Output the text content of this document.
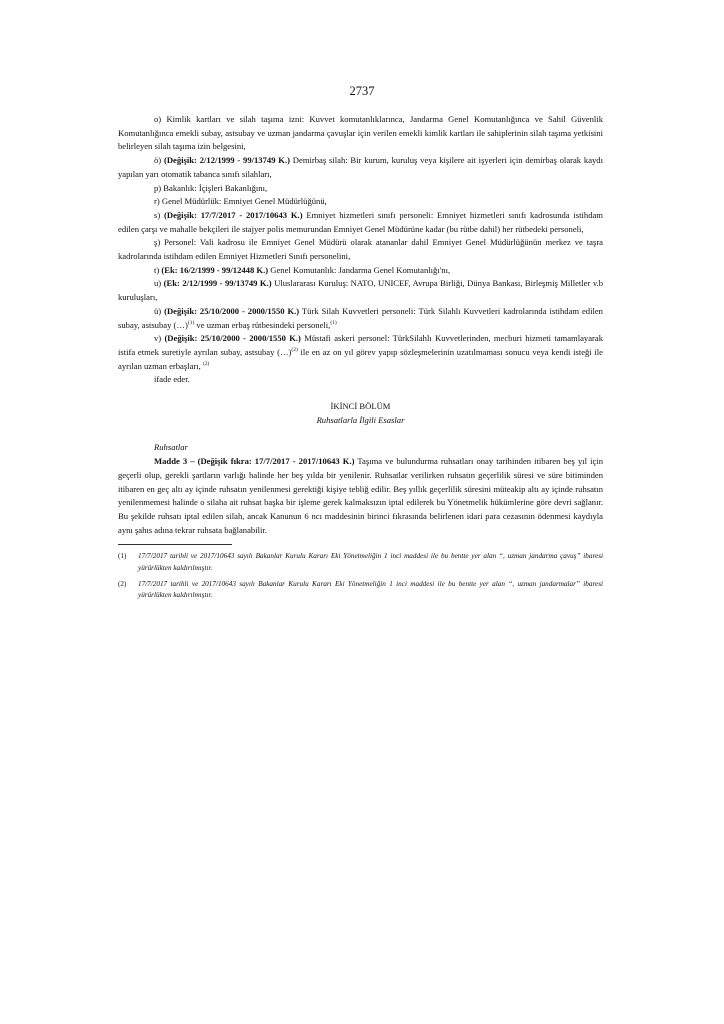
2737

o) Kimlik kartları ve silah taşıma izni: Kuvvet komutanlıklarınca, Jandarma Genel Komutanlığınca ve Sahil Güvenlik Komutanlığınca emekli subay, astsubay ve uzman jandarma çavuşlar için verilen emekli kimlik kartları ile sahiplerinin silah taşıma yetkisini belirleyen silah taşıma izin belgesini,

ö) (Değişik: 2/12/1999 - 99/13749 K.) Demirbaş silah: Bir kurum, kuruluş veya kişilere ait işyerleri için demirbaş olarak kaydı yapılan yarı otomatik tabanca sınıfı silahları,

p) Bakanlık: İçişleri Bakanlığını,

r) Genel Müdürlük: Emniyet Genel Müdürlüğünü,

s) (Değişik: 17/7/2017 - 2017/10643 K.) Emniyet hizmetleri sınıfı personeli: Emniyet hizmetleri sınıfı kadrosunda istihdam edilen çarşı ve mahalle bekçileri ile stajyer polis memurundan Emniyet Genel Müdürüne kadar (bu rütbe dahil) her rütbedeki personeli,

ş) Personel: Vali kadrosu ile Emniyet Genel Müdürü olarak atananlar dahil Emniyet Genel Müdürlüğünün merkez ve taşra kadrolarında istihdam edilen Emniyet Hizmetleri Sınıfı personelini,

t) (Ek: 16/2/1999 - 99/12448 K.) Genel Komutanlık: Jandarma Genel Komutanlığı'nı,

u) (Ek: 2/12/1999 - 99/13749 K.) Uluslararası Kuruluş: NATO, UNICEF, Avrupa Birliği, Dünya Bankası, Birleşmiş Milletler v.b kuruluşları,

ü) (Değişik: 25/10/2000 - 2000/1550 K.) Türk Silah Kuvvetleri personeli: Türk Silahlı Kuvvetleri kadrolarında istihdam edilen subay, astsubay (…)$^{(1)}$ ve uzman erbaş rütbesindeki personeli,$^{(1)}$

v) (Değişik: 25/10/2000 - 2000/1550 K.) Müstafi askeri personel: TürkSilahlı Kuvvetlerinden, mecburi hizmeti tamamlayarak istifa etmek suretiyle ayrılan subay, astsubay (…)$^{(2)}$ ile en az on yıl görev yapıp sözleşmelerinin uzatılmaması sonucu veya kendi isteği ile ayrılan uzman erbaşları, $^{(2)}$

ifade eder.

İKİNCİ BÖLÜM
Ruhsatlarla İlgili Esaslar
Ruhsatlar

Madde 3 – (Değişik fıkra: 17/7/2017 - 2017/10643 K.) Taşıma ve bulundurma ruhsatları onay tarihinden itibaren beş yıl için geçerli olup, gerekli şartların varlığı halinde her beş yılda bir yenilenir. Ruhsatlar verilirken ruhsatın geçerlilik süresi ve süre bitiminden itibaren en geç altı ay içinde ruhsatın yenilenmesi gerektiği kişiye tebliğ edilir. Beş yıllık geçerlilik süresini müteakip altı ay içinde ruhsatın yenilenmemesi halinde o silaha ait ruhsat başka bir işleme gerek kalmaksızın iptal edilerek bu Yönetmelik hükümlerine göre devri sağlanır. Bu şekilde ruhsatı iptal edilen silah, ancak Kanunun 6 ncı maddesinin birinci fıkrasında belirlenen idari para cezasının ödenmesi kaydıyla aynı şahıs adına tekrar ruhsata bağlanabilir.

(1)	17/7/2017 tarihli ve 2017/10643 sayılı Bakanlar Kurulu Kararı Eki Yönetmeliğin 1 inci maddesi ile bu bentte yer alan “, uzman jandarma çavuş” ibaresi yürürlükten kaldırılmıştır.
(2)	17/7/2017 tarihli ve 2017/10643 sayılı Bakanlar Kurulu Kararı Eki Yönetmeliğin 1 inci maddesi ile bu bentte yer alan “, uzman jandarmalar” ibaresi yürürlükten kaldırılmıştır.
